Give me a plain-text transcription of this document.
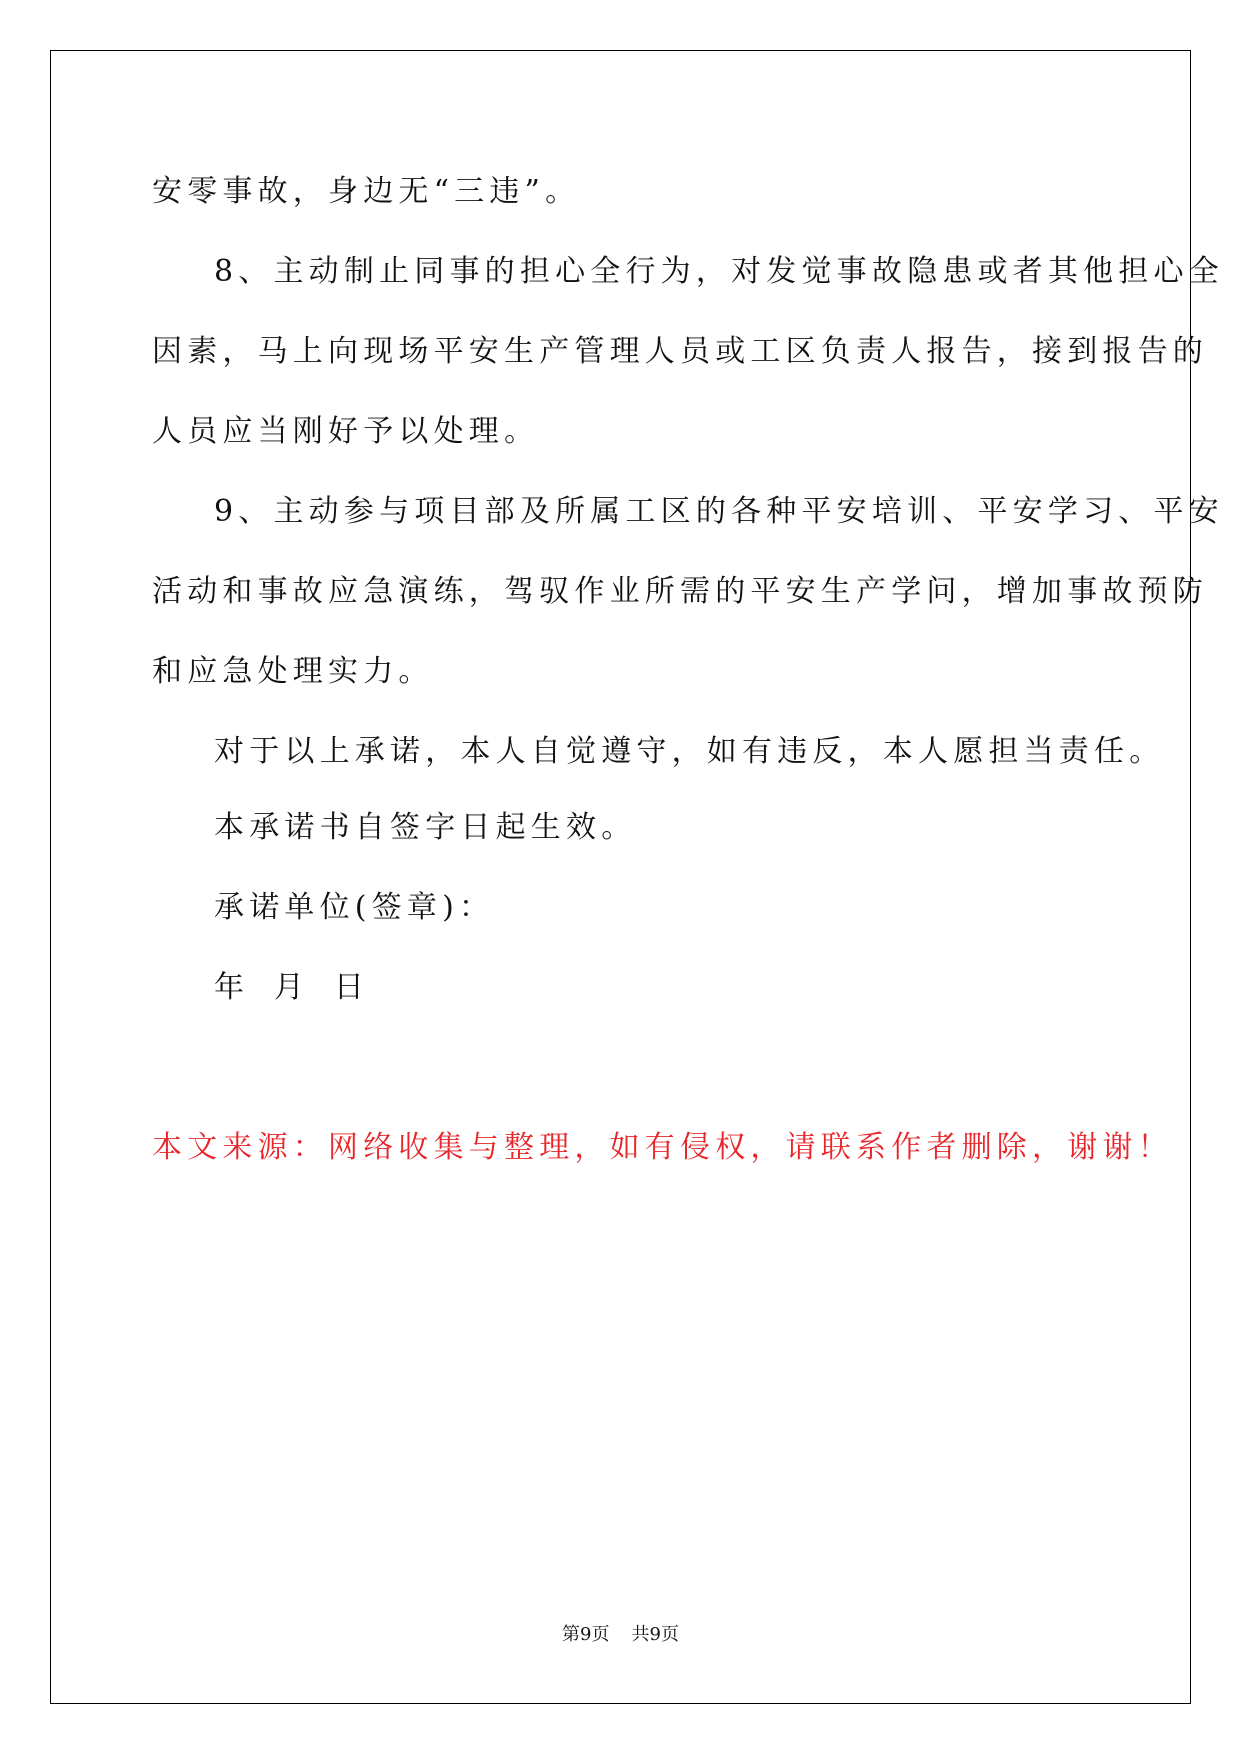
安零事故，身边无“三违”。
8、主动制止同事的担心全行为，对发觉事故隐患或者其他担心全
因素，马上向现场平安生产管理人员或工区负责人报告，接到报告的
人员应当刚好予以处理。
9、主动参与项目部及所属工区的各种平安培训、平安学习、平安
活动和事故应急演练，驾驭作业所需的平安生产学问，增加事故预防
和应急处理实力。
对于以上承诺，本人自觉遵守，如有违反，本人愿担当责任。
本承诺书自签字日起生效。
承诺单位(签章)：
年 月 日
本文来源：网络收集与整理，如有侵权，请联系作者删除，谢谢！
第9页 共9页
